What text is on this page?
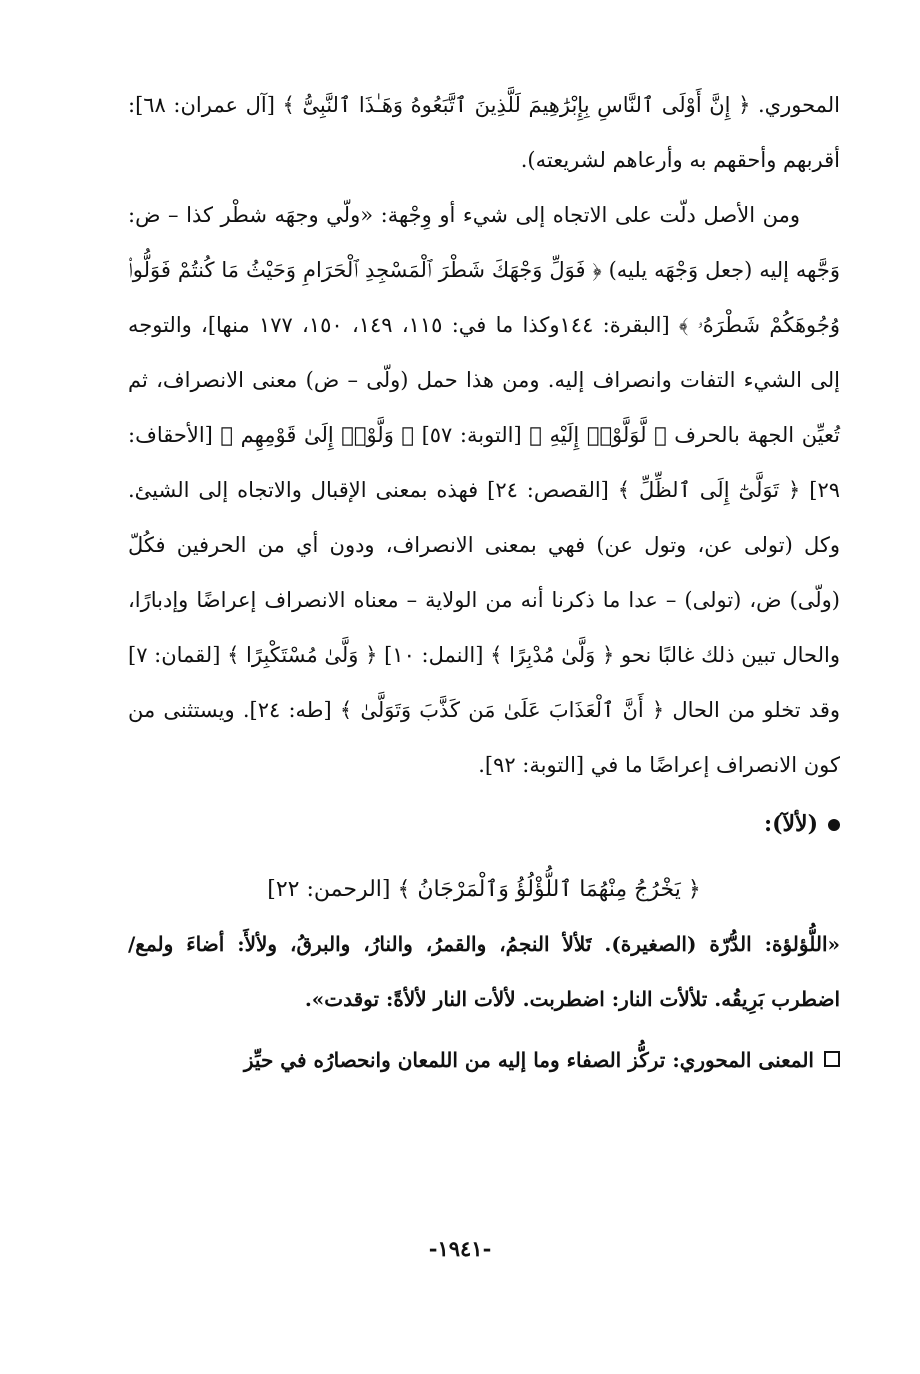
المحوري. ﴿ إِنَّ أَوْلَى ٱلنَّاسِ بِإِبْرَٰهِيمَ لَلَّذِينَ ٱتَّبَعُوهُ وَهَـٰذَا ٱلنَّبِىُّ ﴾ [آل عمران: ٦٨]: أقربهم وأحقهم به وأرعاهم لشريعته).

ومن الأصل دلّت على الاتجاه إلى شيء أو وِجْهة: «ولّي وجهَه شطْر كذا – ض: وَجَّهه إليه (جعل وَجْهَه يليه) ﴿ فَوَلِّ وَجْهَكَ شَطْرَ ٱلْمَسْجِدِ ٱلْحَرَامِ وَحَيْثُ مَا كُنتُمْ فَوَلُّوا۟ وُجُوهَكُمْ شَطْرَهُۥ ﴾ [البقرة: ١٤٤وكذا ما في: ١١٥، ١٤٩، ١٥٠، ١٧٧ منها]، والتوجه إلى الشيء التفات وانصراف إليه. ومن هذا حمل (ولّى – ض) معنى الانصراف، ثم تُعيِّن الجهة بالحرف ﴿ لَّوَلَّوْا۟ إِلَيْهِ ﴾ [التوبة: ٥٧] ﴿ وَلَّوْا۟ إِلَىٰ قَوْمِهِم ﴾ [الأحقاف: ٢٩] ﴿ تَوَلَّىٰٓ إِلَى ٱلظِّلِّ ﴾ [القصص: ٢٤] فهذه بمعنى الإقبال والاتجاه إلى الشيئ. وكل (تولى عن، وتول عن) فهي بمعنى الانصراف، ودون أي من الحرفين فكُلّ (ولّى) ض، (تولى) – عدا ما ذكرنا أنه من الولاية – معناه الانصراف إعراضًا وإدبارًا، والحال تبين ذلك غالبًا نحو ﴿ وَلَّىٰ مُدْبِرًا ﴾ [النمل: ١٠] ﴿ وَلَّىٰ مُسْتَكْبِرًا ﴾ [لقمان: ٧] وقد تخلو من الحال ﴿ أَنَّ ٱلْعَذَابَ عَلَىٰ مَن كَذَّبَ وَتَوَلَّىٰ ﴾ [طه: ٢٤]. ويستثنى من كون الانصراف إعراضًا ما في [التوبة: ٩٢].

(لألآ):

﴿ يَخْرُجُ مِنْهُمَا ٱللُّؤْلُؤُ وَٱلْمَرْجَانُ ﴾ [الرحمن: ٢٢]

«اللُّؤلؤة: الدُّرّة (الصغيرة). تَلألأ النجمُ، والقمرُ، والنارُ، والبرقُ، ولألأَ: أضاءَ ولمع/ اضطرب بَرِيقُه. تلألأت النار: اضطربت. لألأت النار لألأةً: توقدت».

المعنى المحوري: تركُّز الصفاء وما إليه من اللمعان وانحصارُه في حيِّز
-١٩٤١-
